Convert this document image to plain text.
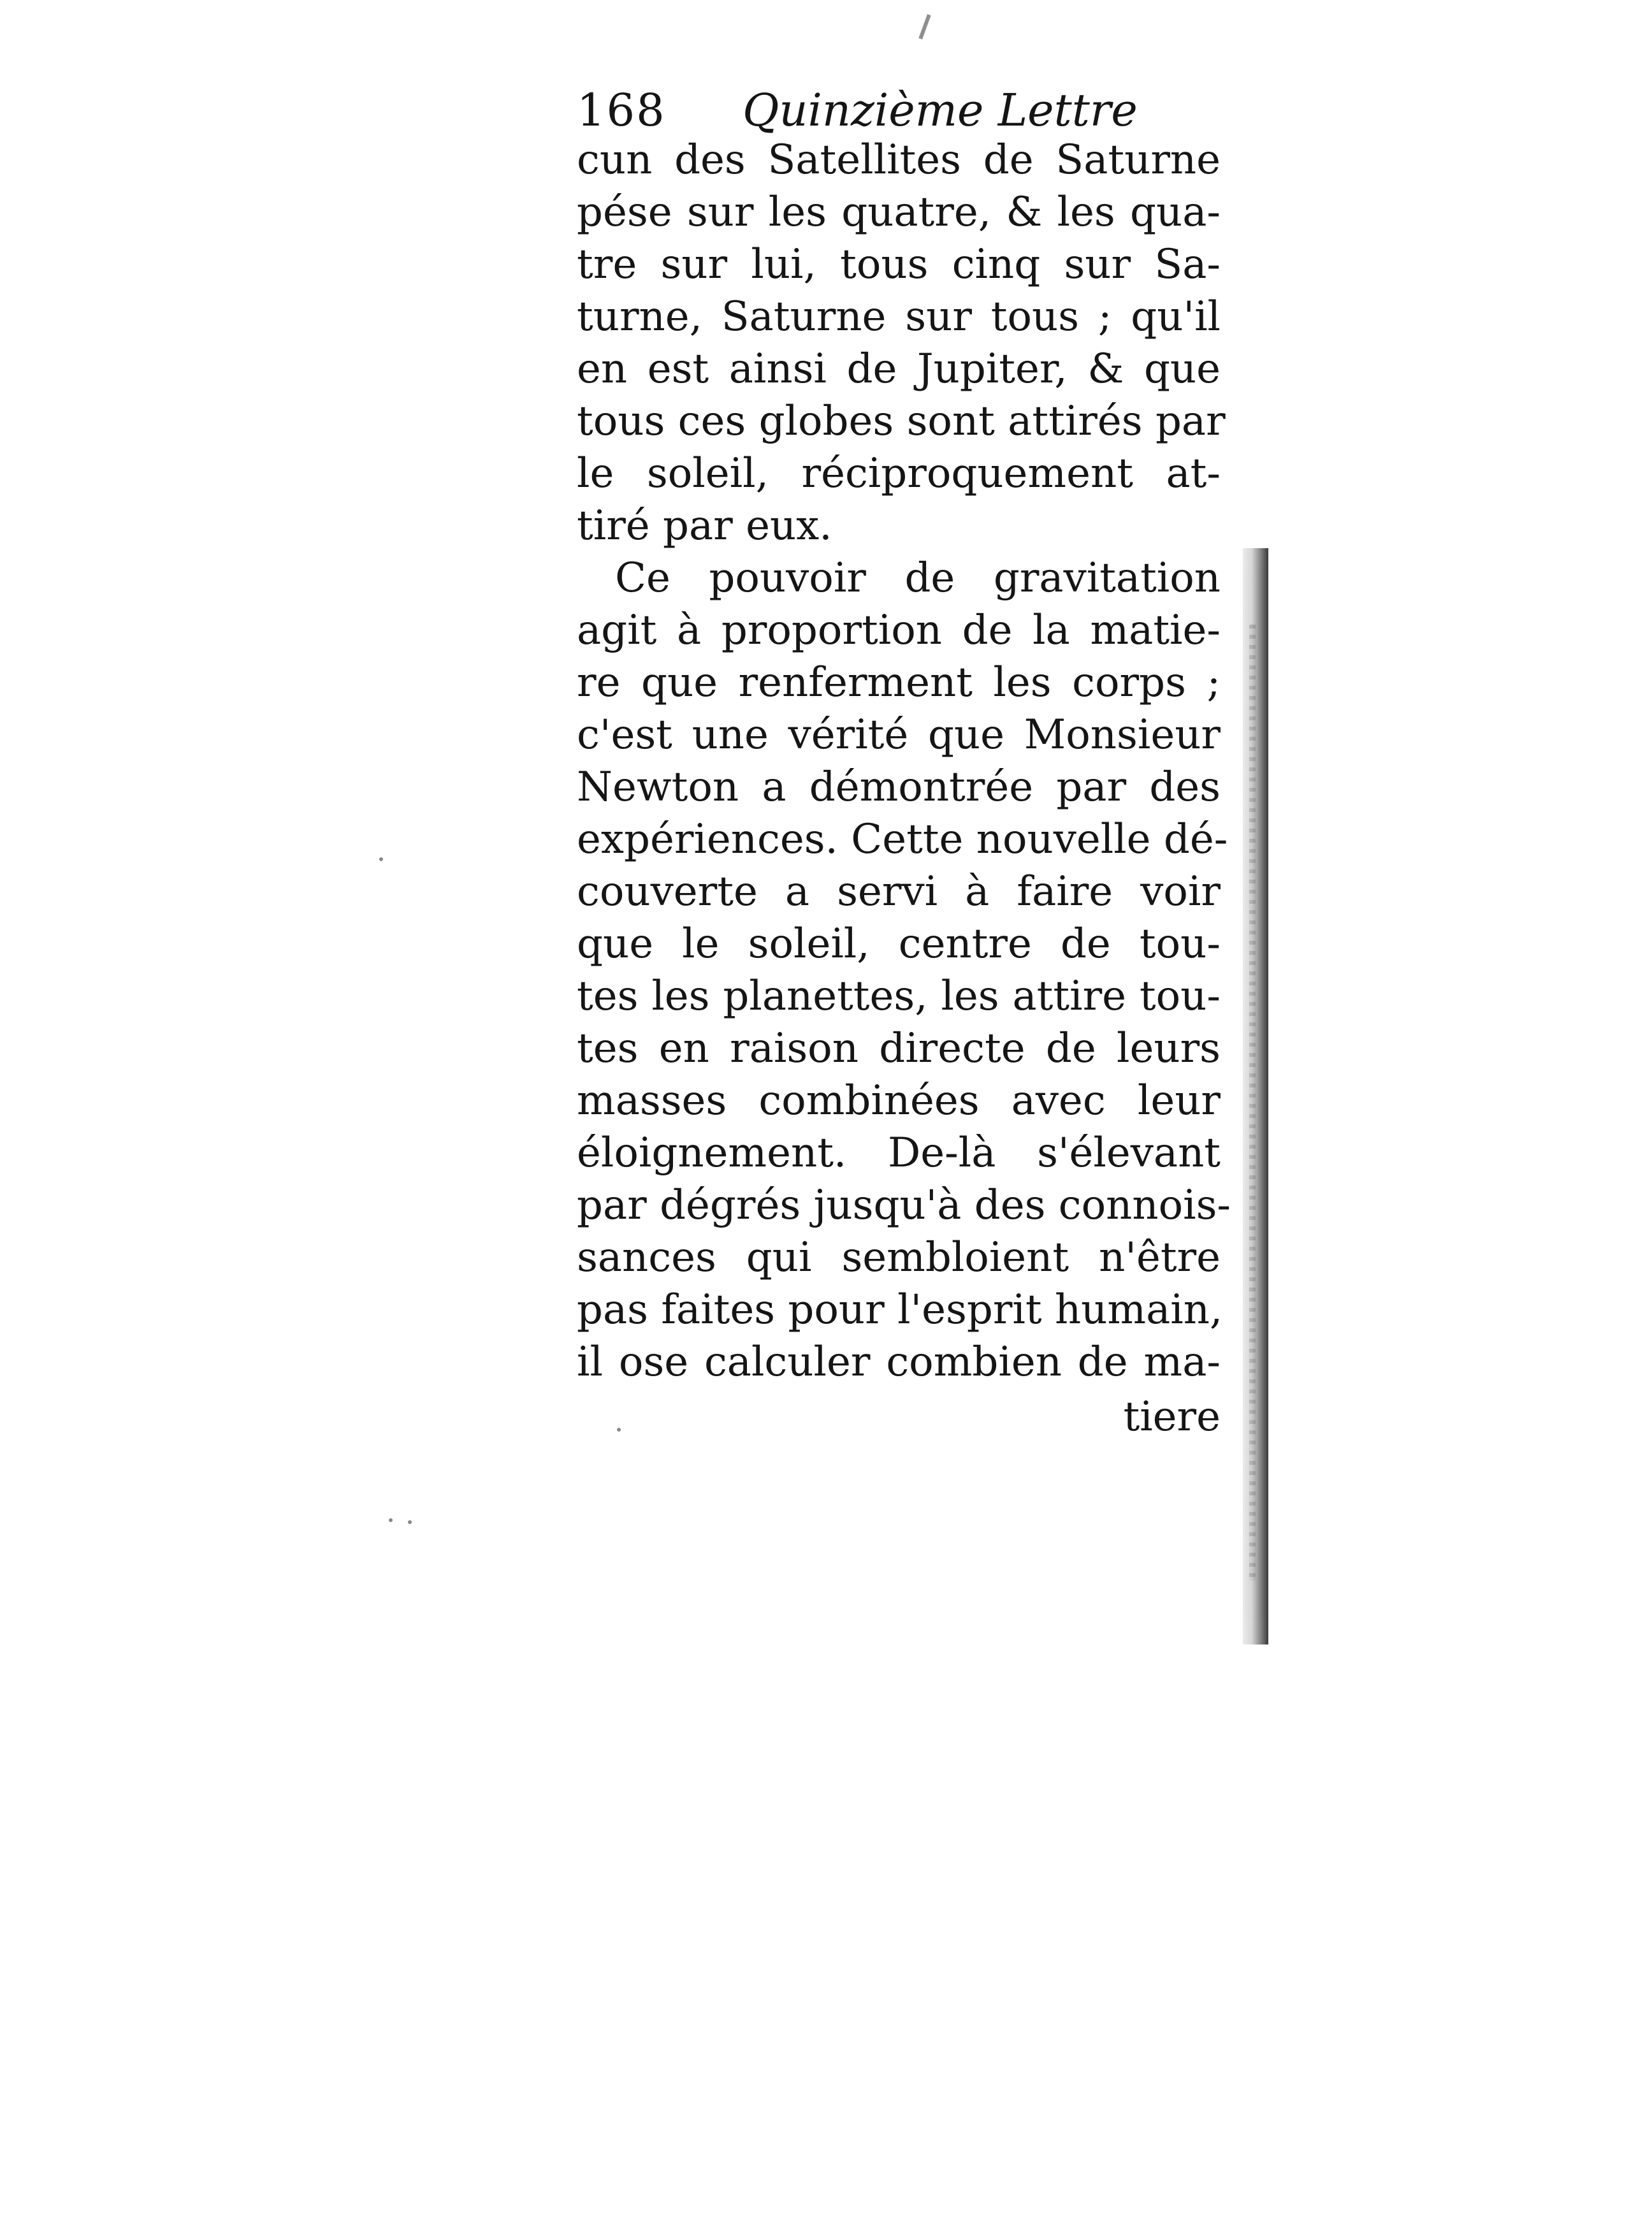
168 Quinzième Lettre
cun des Satellites de Saturne
pése sur les quatre, & les qua-
tre sur lui, tous cinq sur Sa-
turne, Saturne sur tous ; qu'il
en est ainsi de Jupiter, & que
tous ces globes sont attirés par
le soleil, réciproquement at-
tiré par eux.
Ce pouvoir de gravitation
agit à proportion de la matie-
re que renferment les corps ;
c'est une vérité que Monsieur
Newton a démontrée par des
expériences. Cette nouvelle dé-
couverte a servi à faire voir
que le soleil, centre de tou-
tes les planettes, les attire tou-
tes en raison directe de leurs
masses combinées avec leur
éloignement. De-là s'élevant
par dégrés jusqu'à des connois-
sances qui sembloient n'être
pas faites pour l'esprit humain,
il ose calculer combien de ma-
tiere
